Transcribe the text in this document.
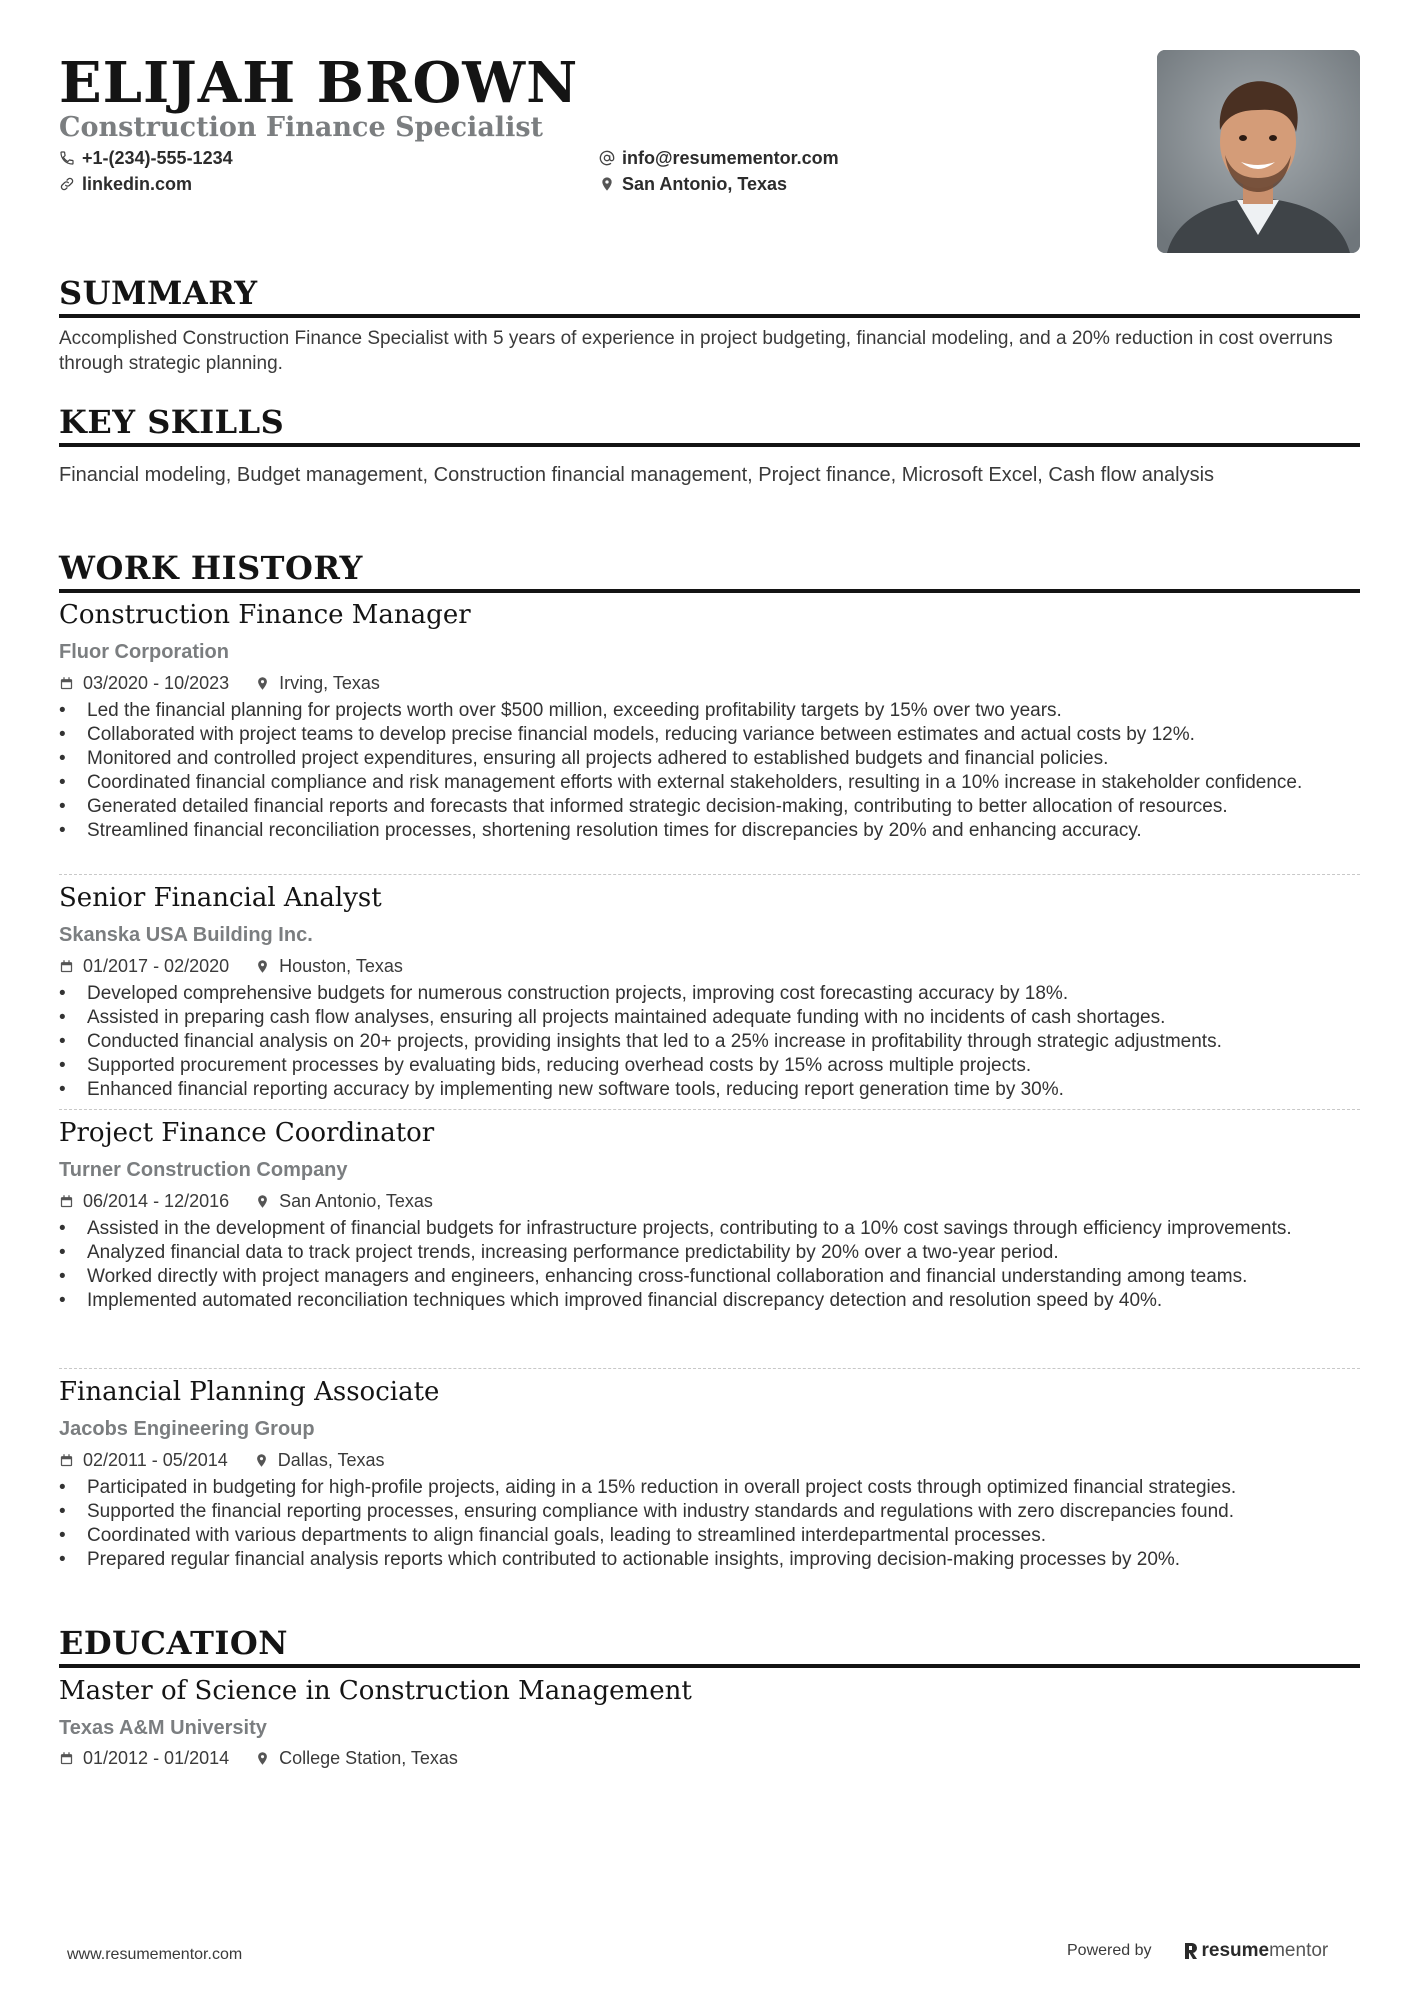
ELIJAH BROWN
Construction Finance Specialist
+1-(234)-555-1234	info@resumementor.com
linkedin.com	San Antonio, Texas
SUMMARY
Accomplished Construction Finance Specialist with 5 years of experience in project budgeting, financial modeling, and a 20% reduction in cost overruns through strategic planning.
KEY SKILLS
Financial modeling, Budget management, Construction financial management, Project finance, Microsoft Excel, Cash flow analysis
WORK HISTORY
Construction Finance Manager
Fluor Corporation
03/2020 - 10/2023	Irving, Texas
• Led the financial planning for projects worth over $500 million, exceeding profitability targets by 15% over two years.
• Collaborated with project teams to develop precise financial models, reducing variance between estimates and actual costs by 12%.
• Monitored and controlled project expenditures, ensuring all projects adhered to established budgets and financial policies.
• Coordinated financial compliance and risk management efforts with external stakeholders, resulting in a 10% increase in stakeholder confidence.
• Generated detailed financial reports and forecasts that informed strategic decision-making, contributing to better allocation of resources.
• Streamlined financial reconciliation processes, shortening resolution times for discrepancies by 20% and enhancing accuracy.
Senior Financial Analyst
Skanska USA Building Inc.
01/2017 - 02/2020	Houston, Texas
• Developed comprehensive budgets for numerous construction projects, improving cost forecasting accuracy by 18%.
• Assisted in preparing cash flow analyses, ensuring all projects maintained adequate funding with no incidents of cash shortages.
• Conducted financial analysis on 20+ projects, providing insights that led to a 25% increase in profitability through strategic adjustments.
• Supported procurement processes by evaluating bids, reducing overhead costs by 15% across multiple projects.
• Enhanced financial reporting accuracy by implementing new software tools, reducing report generation time by 30%.
Project Finance Coordinator
Turner Construction Company
06/2014 - 12/2016	San Antonio, Texas
• Assisted in the development of financial budgets for infrastructure projects, contributing to a 10% cost savings through efficiency improvements.
• Analyzed financial data to track project trends, increasing performance predictability by 20% over a two-year period.
• Worked directly with project managers and engineers, enhancing cross-functional collaboration and financial understanding among teams.
• Implemented automated reconciliation techniques which improved financial discrepancy detection and resolution speed by 40%.
Financial Planning Associate
Jacobs Engineering Group
02/2011 - 05/2014	Dallas, Texas
• Participated in budgeting for high-profile projects, aiding in a 15% reduction in overall project costs through optimized financial strategies.
• Supported the financial reporting processes, ensuring compliance with industry standards and regulations with zero discrepancies found.
• Coordinated with various departments to align financial goals, leading to streamlined interdepartmental processes.
• Prepared regular financial analysis reports which contributed to actionable insights, improving decision-making processes by 20%.
EDUCATION
Master of Science in Construction Management
Texas A&M University
01/2012 - 01/2014	College Station, Texas
www.resumementor.com	Powered by	resume mentor
